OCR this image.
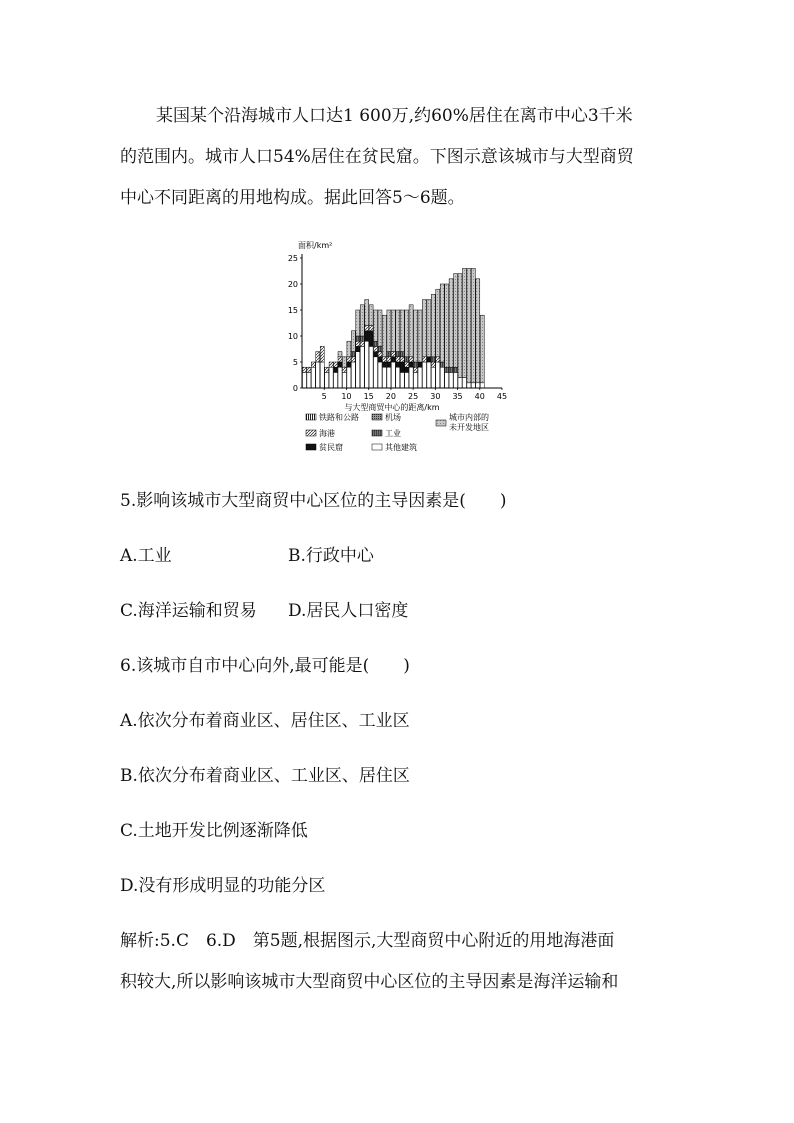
某国某个沿海城市人口达1 600万,约60%居住在离市中心3千米
的范围内。城市人口54%居住在贫民窟。下图示意该城市与大型商贸
中心不同距离的用地构成。据此回答5～6题。
0
5
10
15
20
25
5 10 15 20 25 30 35 40 45
面积/km²
与大型商贸中心的距离/km
铁路和公路	机场	城市内部的
未开发地区
海港	工业
贫民窟	其他建筑
5.影响该城市大型商贸中心区位的主导因素是(　　)
A.工业	B.行政中心
C.海洋运输和贸易 D.居民人口密度
6.该城市自市中心向外,最可能是(　　)
A.依次分布着商业区、居住区、工业区
B.依次分布着商业区、工业区、居住区
C.土地开发比例逐渐降低
D.没有形成明显的功能分区
解析:5.C　6.D　第5题,根据图示,大型商贸中心附近的用地海港面
积较大,所以影响该城市大型商贸中心区位的主导因素是海洋运输和
